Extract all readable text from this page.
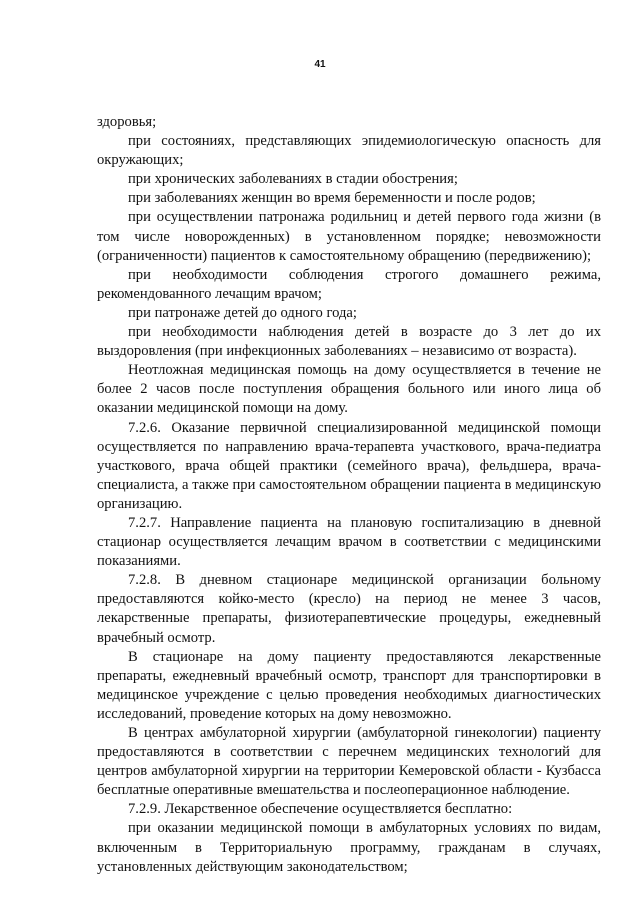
41

здоровья;

при состояниях, представляющих эпидемиологическую опасность для окружающих;

при хронических заболеваниях в стадии обострения;

при заболеваниях женщин во время беременности и после родов;

при осуществлении патронажа родильниц и детей первого года жизни (в том числе новорожденных) в установленном порядке; невозможности (ограниченности) пациентов к самостоятельному обращению (передвижению);

при необходимости соблюдения строгого домашнего режима, рекомендованного лечащим врачом;

при патронаже детей до одного года;

при необходимости наблюдения детей в возрасте до 3 лет до их выздоровления (при инфекционных заболеваниях – независимо от возраста).

Неотложная медицинская помощь на дому осуществляется в течение не более 2 часов после поступления обращения больного или иного лица об оказании медицинской помощи на дому.

7.2.6. Оказание первичной специализированной медицинской помощи осуществляется по направлению врача-терапевта участкового, врача-педиатра участкового, врача общей практики (семейного врача), фельдшера, врача-специалиста, а также при самостоятельном обращении пациента в медицинскую организацию.

7.2.7. Направление пациента на плановую госпитализацию в дневной стационар осуществляется лечащим врачом в соответствии с медицинскими показаниями.

7.2.8. В дневном стационаре медицинской организации больному предоставляются койко-место (кресло) на период не менее 3 часов, лекарственные препараты, физиотерапевтические процедуры, ежедневный врачебный осмотр.

В стационаре на дому пациенту предоставляются лекарственные препараты, ежедневный врачебный осмотр, транспорт для транспортировки в медицинское учреждение с целью проведения необходимых диагностических исследований, проведение которых на дому невозможно.

В центрах амбулаторной хирургии (амбулаторной гинекологии) пациенту предоставляются в соответствии с перечнем медицинских технологий для центров амбулаторной хирургии на территории Кемеровской области - Кузбасса бесплатные оперативные вмешательства и послеоперационное наблюдение.

7.2.9. Лекарственное обеспечение осуществляется бесплатно:

при оказании медицинской помощи в амбулаторных условиях по видам, включенным в Территориальную программу, гражданам в случаях, установленных действующим законодательством;
